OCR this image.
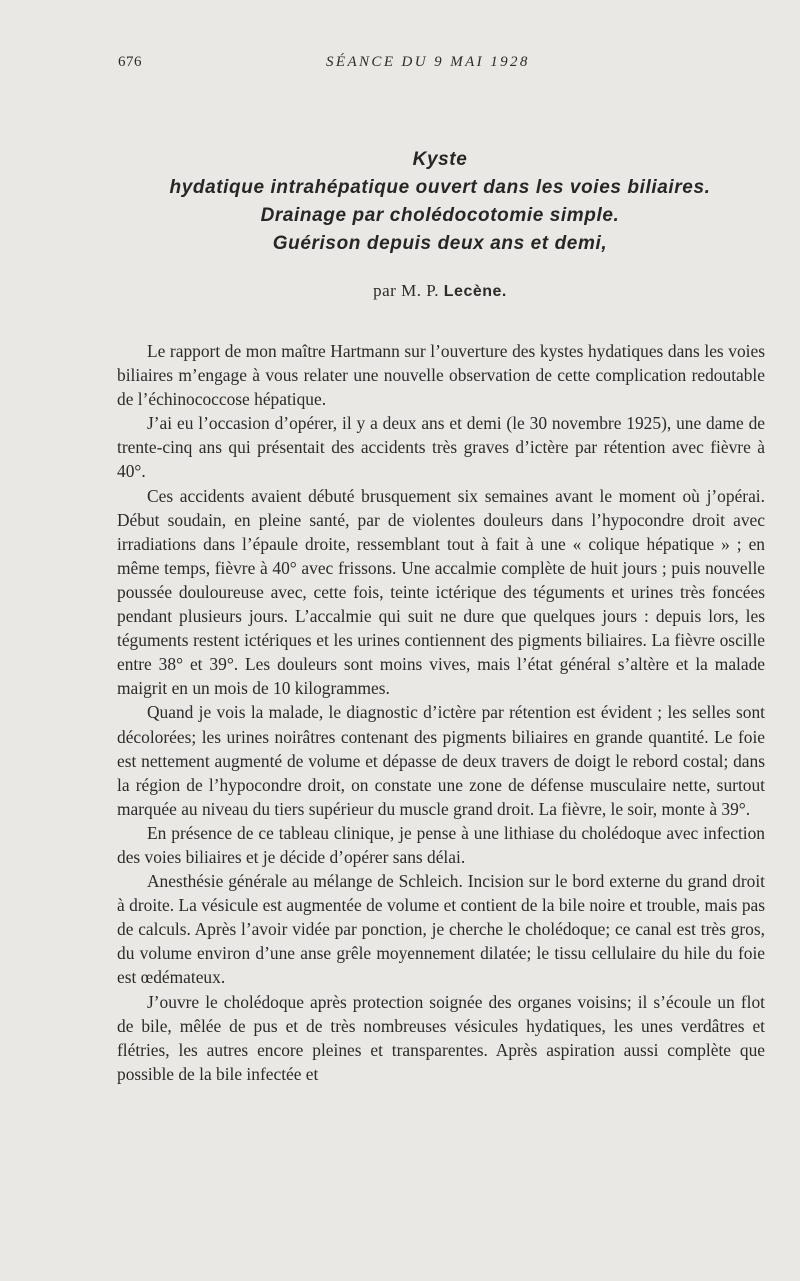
676	SÉANCE DU 9 MAI 1928
Kyste
hydatique intrahépatique ouvert dans les voies biliaires.
Drainage par cholédocotomie simple.
Guérison depuis deux ans et demi,
par M. P. Lecène.

Le rapport de mon maître Hartmann sur l’ouverture des kystes hydatiques dans les voies biliaires m’engage à vous relater une nouvelle observation de cette complication redoutable de l’échinococcose hépatique.

J’ai eu l’occasion d’opérer, il y a deux ans et demi (le 30 novembre 1925), une dame de trente-cinq ans qui présentait des accidents très graves d’ictère par rétention avec fièvre à 40°.

Ces accidents avaient débuté brusquement six semaines avant le moment où j’opérai. Début soudain, en pleine santé, par de violentes douleurs dans l’hypocondre droit avec irradiations dans l’épaule droite, ressemblant tout à fait à une « colique hépatique » ; en même temps, fièvre à 40° avec frissons. Une accalmie complète de huit jours ; puis nouvelle poussée douloureuse avec, cette fois, teinte ictérique des téguments et urines très foncées pendant plusieurs jours. L’accalmie qui suit ne dure que quelques jours : depuis lors, les téguments restent ictériques et les urines contiennent des pigments biliaires. La fièvre oscille entre 38° et 39°. Les douleurs sont moins vives, mais l’état général s’altère et la malade maigrit en un mois de 10 kilogrammes.

Quand je vois la malade, le diagnostic d’ictère par rétention est évident ; les selles sont décolorées; les urines noirâtres contenant des pigments biliaires en grande quantité. Le foie est nettement augmenté de volume et dépasse de deux travers de doigt le rebord costal; dans la région de l’hypocondre droit, on constate une zone de défense musculaire nette, surtout marquée au niveau du tiers supérieur du muscle grand droit. La fièvre, le soir, monte à 39°.

En présence de ce tableau clinique, je pense à une lithiase du cholédoque avec infection des voies biliaires et je décide d’opérer sans délai.

Anesthésie générale au mélange de Schleich. Incision sur le bord externe du grand droit à droite. La vésicule est augmentée de volume et contient de la bile noire et trouble, mais pas de calculs. Après l’avoir vidée par ponction, je cherche le cholédoque; ce canal est très gros, du volume environ d’une anse grêle moyennement dilatée; le tissu cellulaire du hile du foie est œdémateux.

J’ouvre le cholédoque après protection soignée des organes voisins; il s’écoule un flot de bile, mêlée de pus et de très nombreuses vésicules hydatiques, les unes verdâtres et flétries, les autres encore pleines et transparentes. Après aspiration aussi complète que possible de la bile infectée et
